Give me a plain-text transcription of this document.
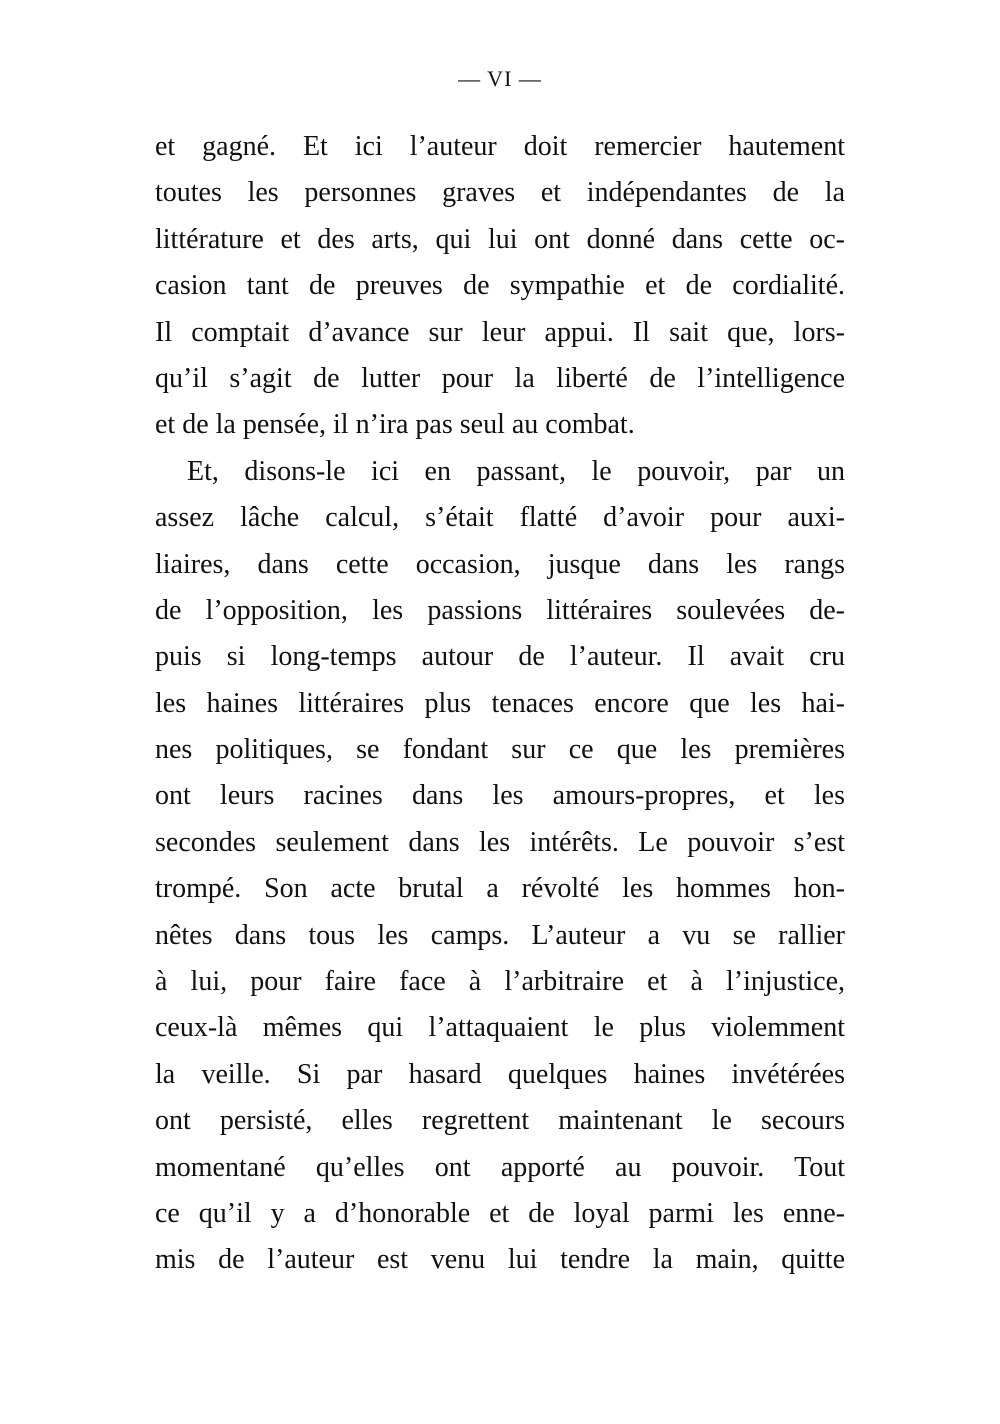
— VI —
et gagné. Et ici l’auteur doit remercier hautement
toutes les personnes graves et indépendantes de la
littérature et des arts, qui lui ont donné dans cette oc-
casion tant de preuves de sympathie et de cordialité.
Il comptait d’avance sur leur appui. Il sait que, lors-
qu’il s’agit de lutter pour la liberté de l’intelligence
et de la pensée, il n’ira pas seul au combat.
Et, disons-le ici en passant, le pouvoir, par un
assez lâche calcul, s’était flatté d’avoir pour auxi-
liaires, dans cette occasion, jusque dans les rangs
de l’opposition, les passions littéraires soulevées de-
puis si long-temps autour de l’auteur. Il avait cru
les haines littéraires plus tenaces encore que les hai-
nes politiques, se fondant sur ce que les premières
ont leurs racines dans les amours-propres, et les
secondes seulement dans les intérêts. Le pouvoir s’est
trompé. Son acte brutal a révolté les hommes hon-
nêtes dans tous les camps. L’auteur a vu se rallier
à lui, pour faire face à l’arbitraire et à l’injustice,
ceux-là mêmes qui l’attaquaient le plus violemment
la veille. Si par hasard quelques haines invétérées
ont persisté, elles regrettent maintenant le secours
momentané qu’elles ont apporté au pouvoir. Tout
ce qu’il y a d’honorable et de loyal parmi les enne-
mis de l’auteur est venu lui tendre la main, quitte
